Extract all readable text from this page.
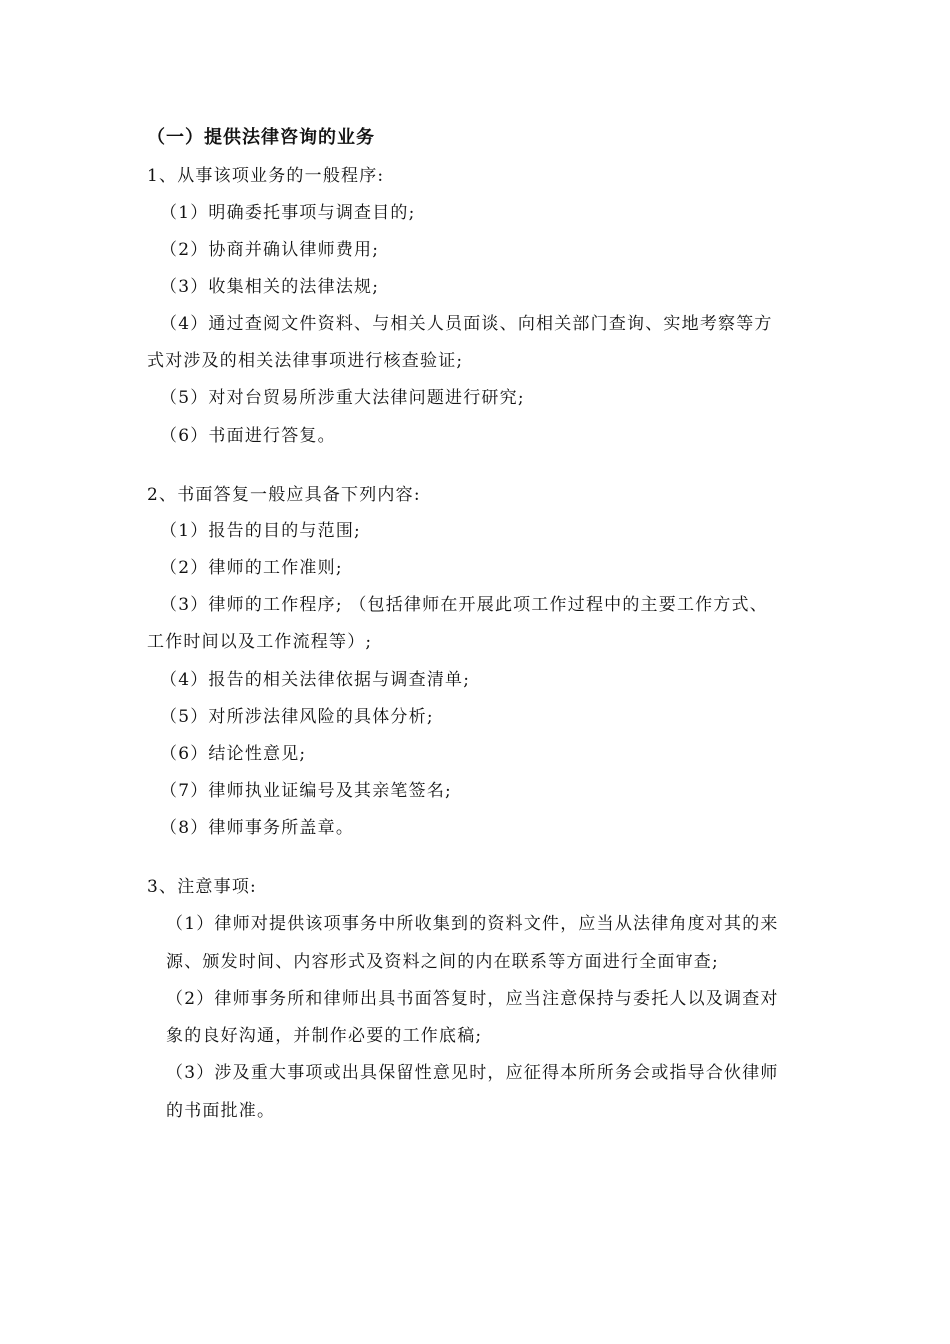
（一）提供法律咨询的业务
1、从事该项业务的一般程序:
（1）明确委托事项与调查目的;
（2）协商并确认律师费用;
（3）收集相关的法律法规;
（4）通过查阅文件资料、与相关人员面谈、向相关部门查询、实地考察等方
式对涉及的相关法律事项进行核查验证;
（5）对对台贸易所涉重大法律问题进行研究;
（6）书面进行答复。
2、书面答复一般应具备下列内容:
（1）报告的目的与范围;
（2）律师的工作准则;
（3）律师的工作程序; （包括律师在开展此项工作过程中的主要工作方式、
工作时间以及工作流程等）;
（4）报告的相关法律依据与调查清单;
（5）对所涉法律风险的具体分析;
（6）结论性意见;
（7）律师执业证编号及其亲笔签名;
（8）律师事务所盖章。
3、注意事项:
（1）律师对提供该项事务中所收集到的资料文件，应当从法律角度对其的来
源、颁发时间、内容形式及资料之间的内在联系等方面进行全面审查;
（2）律师事务所和律师出具书面答复时，应当注意保持与委托人以及调查对
象的良好沟通，并制作必要的工作底稿;
（3）涉及重大事项或出具保留性意见时，应征得本所所务会或指导合伙律师
的书面批准。
